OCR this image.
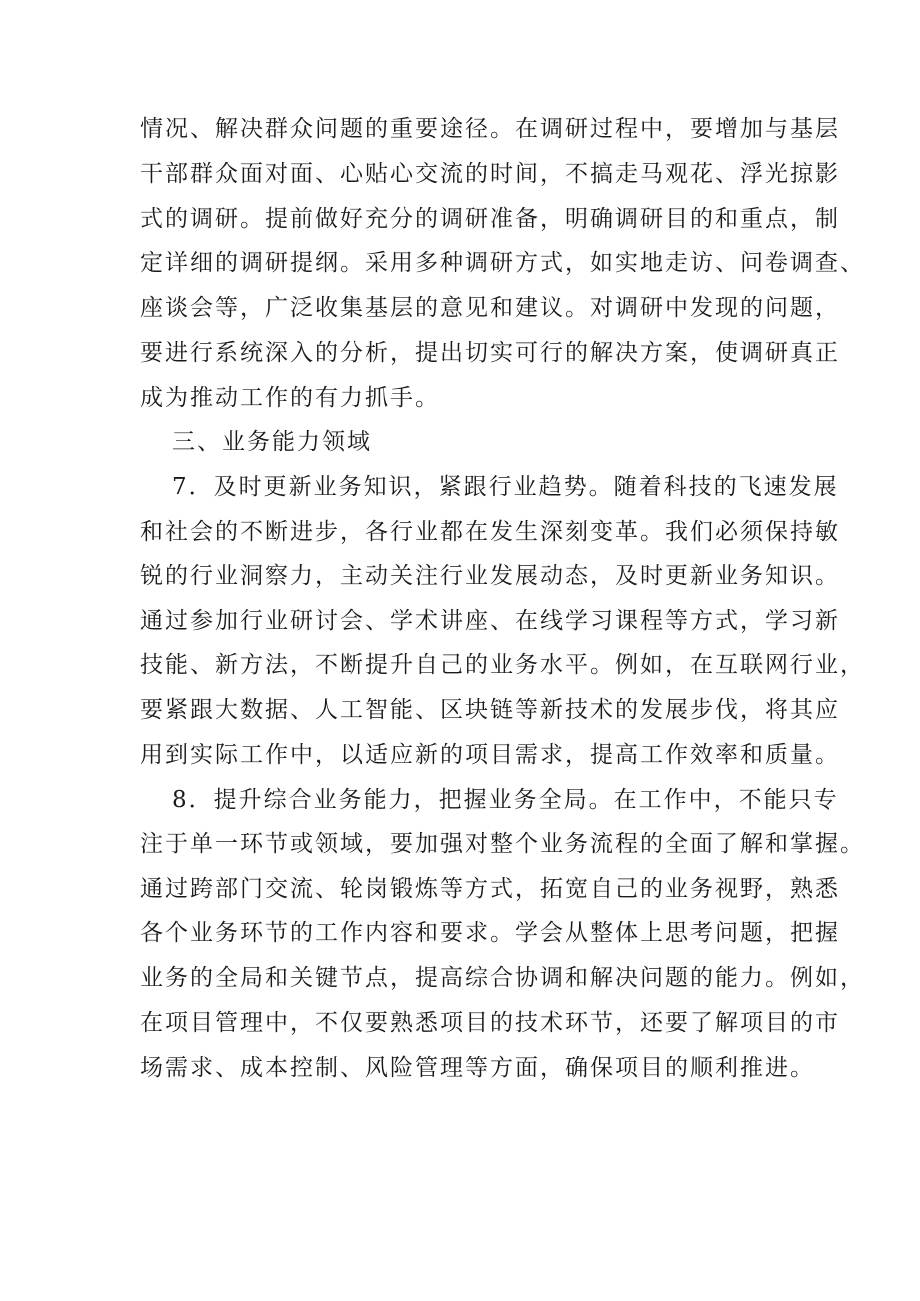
情况、解决群众问题的重要途径。在调研过程中，要增加与基层
干部群众面对面、心贴心交流的时间，不搞走马观花、浮光掠影
式的调研。提前做好充分的调研准备，明确调研目的和重点，制
定详细的调研提纲。采用多种调研方式，如实地走访、问卷调查、
座谈会等，广泛收集基层的意见和建议。对调研中发现的问题，
要进行系统深入的分析，提出切实可行的解决方案，使调研真正
成为推动工作的有力抓手。
三、业务能力领域
7．及时更新业务知识，紧跟行业趋势。随着科技的飞速发展
和社会的不断进步，各行业都在发生深刻变革。我们必须保持敏
锐的行业洞察力，主动关注行业发展动态，及时更新业务知识。
通过参加行业研讨会、学术讲座、在线学习课程等方式，学习新
技能、新方法，不断提升自己的业务水平。例如，在互联网行业，
要紧跟大数据、人工智能、区块链等新技术的发展步伐，将其应
用到实际工作中，以适应新的项目需求，提高工作效率和质量。
8．提升综合业务能力，把握业务全局。在工作中，不能只专
注于单一环节或领域，要加强对整个业务流程的全面了解和掌握。
通过跨部门交流、轮岗锻炼等方式，拓宽自己的业务视野，熟悉
各个业务环节的工作内容和要求。学会从整体上思考问题，把握
业务的全局和关键节点，提高综合协调和解决问题的能力。例如，
在项目管理中，不仅要熟悉项目的技术环节，还要了解项目的市
场需求、成本控制、风险管理等方面，确保项目的顺利推进。
